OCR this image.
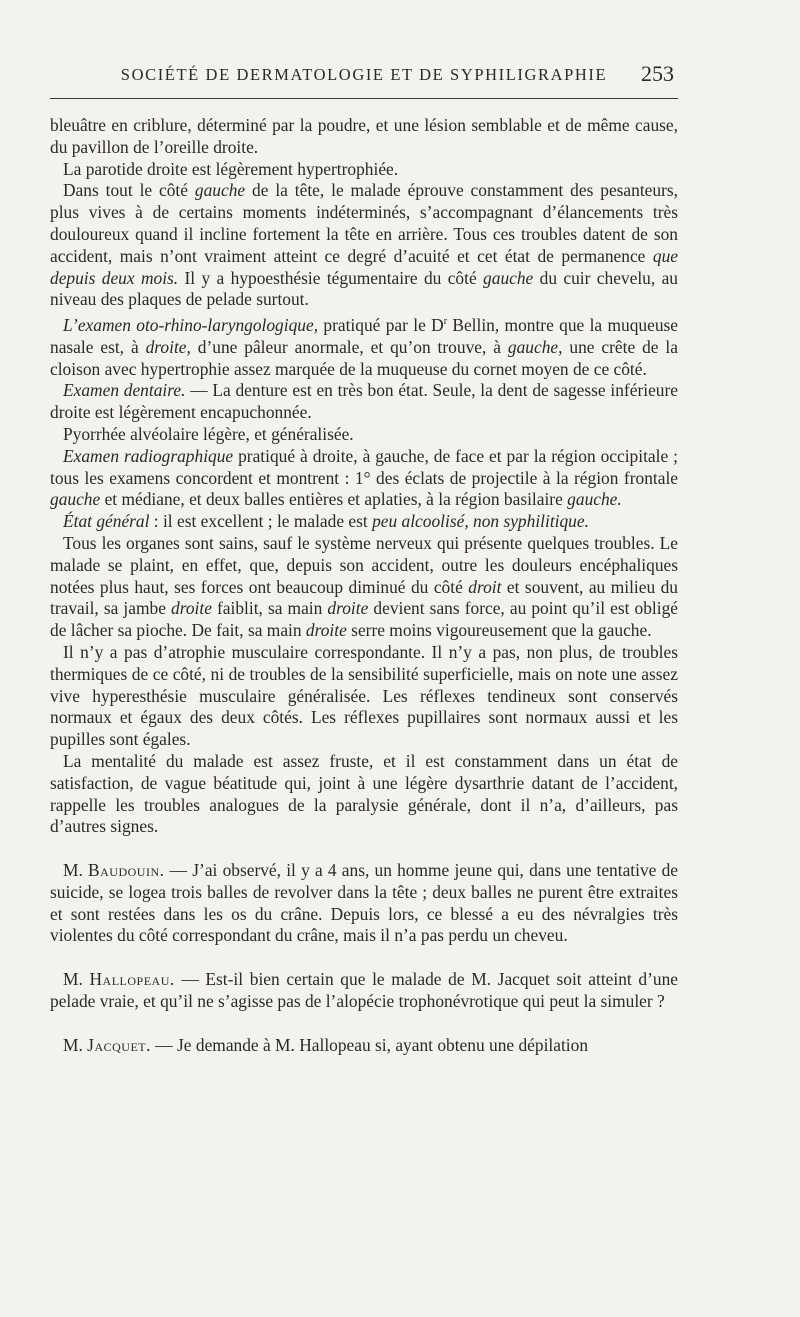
SOCIÉTÉ DE DERMATOLOGIE ET DE SYPHILIGRAPHIE	253

bleuâtre en criblure, déterminé par la poudre, et une lésion semblable et de même cause, du pavillon de l’oreille droite.

La parotide droite est légèrement hypertrophiée.

Dans tout le côté gauche de la tête, le malade éprouve constamment des pesanteurs, plus vives à de certains moments indéterminés, s’accompagnant d’élancements très douloureux quand il incline fortement la tête en arrière. Tous ces troubles datent de son accident, mais n’ont vraiment atteint ce degré d’acuité et cet état de permanence que depuis deux mois. Il y a hypoesthésie tégumentaire du côté gauche du cuir chevelu, au niveau des plaques de pelade surtout.

L’examen oto-rhino-laryngologique, pratiqué par le $D^r$ Bellin, montre que la muqueuse nasale est, à droite, d’une pâleur anormale, et qu’on trouve, à gauche, une crête de la cloison avec hypertrophie assez marquée de la muqueuse du cornet moyen de ce côté.

Examen dentaire. — La denture est en très bon état. Seule, la dent de sagesse inférieure droite est légèrement encapuchonnée.

Pyorrhée alvéolaire légère, et généralisée.

Examen radiographique pratiqué à droite, à gauche, de face et par la région occipitale ; tous les examens concordent et montrent : 1° des éclats de projectile à la région frontale gauche et médiane, et deux balles entières et aplaties, à la région basilaire gauche.

État général : il est excellent ; le malade est peu alcoolisé, non syphilitique.

Tous les organes sont sains, sauf le système nerveux qui présente quelques troubles. Le malade se plaint, en effet, que, depuis son accident, outre les douleurs encéphaliques notées plus haut, ses forces ont beaucoup diminué du côté droit et souvent, au milieu du travail, sa jambe droite faiblit, sa main droite devient sans force, au point qu’il est obligé de lâcher sa pioche. De fait, sa main droite serre moins vigoureusement que la gauche.

Il n’y a pas d’atrophie musculaire correspondante. Il n’y a pas, non plus, de troubles thermiques de ce côté, ni de troubles de la sensibilité superficielle, mais on note une assez vive hyperesthésie musculaire généralisée. Les réflexes tendineux sont conservés normaux et égaux des deux côtés. Les réflexes pupillaires sont normaux aussi et les pupilles sont égales.

La mentalité du malade est assez fruste, et il est constamment dans un état de satisfaction, de vague béatitude qui, joint à une légère dysarthrie datant de l’accident, rappelle les troubles analogues de la paralysie générale, dont il n’a, d’ailleurs, pas d’autres signes.

M. Baudouin. — J’ai observé, il y a 4 ans, un homme jeune qui, dans une tentative de suicide, se logea trois balles de revolver dans la tête ; deux balles ne purent être extraites et sont restées dans les os du crâne. Depuis lors, ce blessé a eu des névralgies très violentes du côté correspondant du crâne, mais il n’a pas perdu un cheveu.

M. Hallopeau. — Est-il bien certain que le malade de M. Jacquet soit atteint d’une pelade vraie, et qu’il ne s’agisse pas de l’alopécie trophonévrotique qui peut la simuler ?

M. Jacquet. — Je demande à M. Hallopeau si, ayant obtenu une dépilation
